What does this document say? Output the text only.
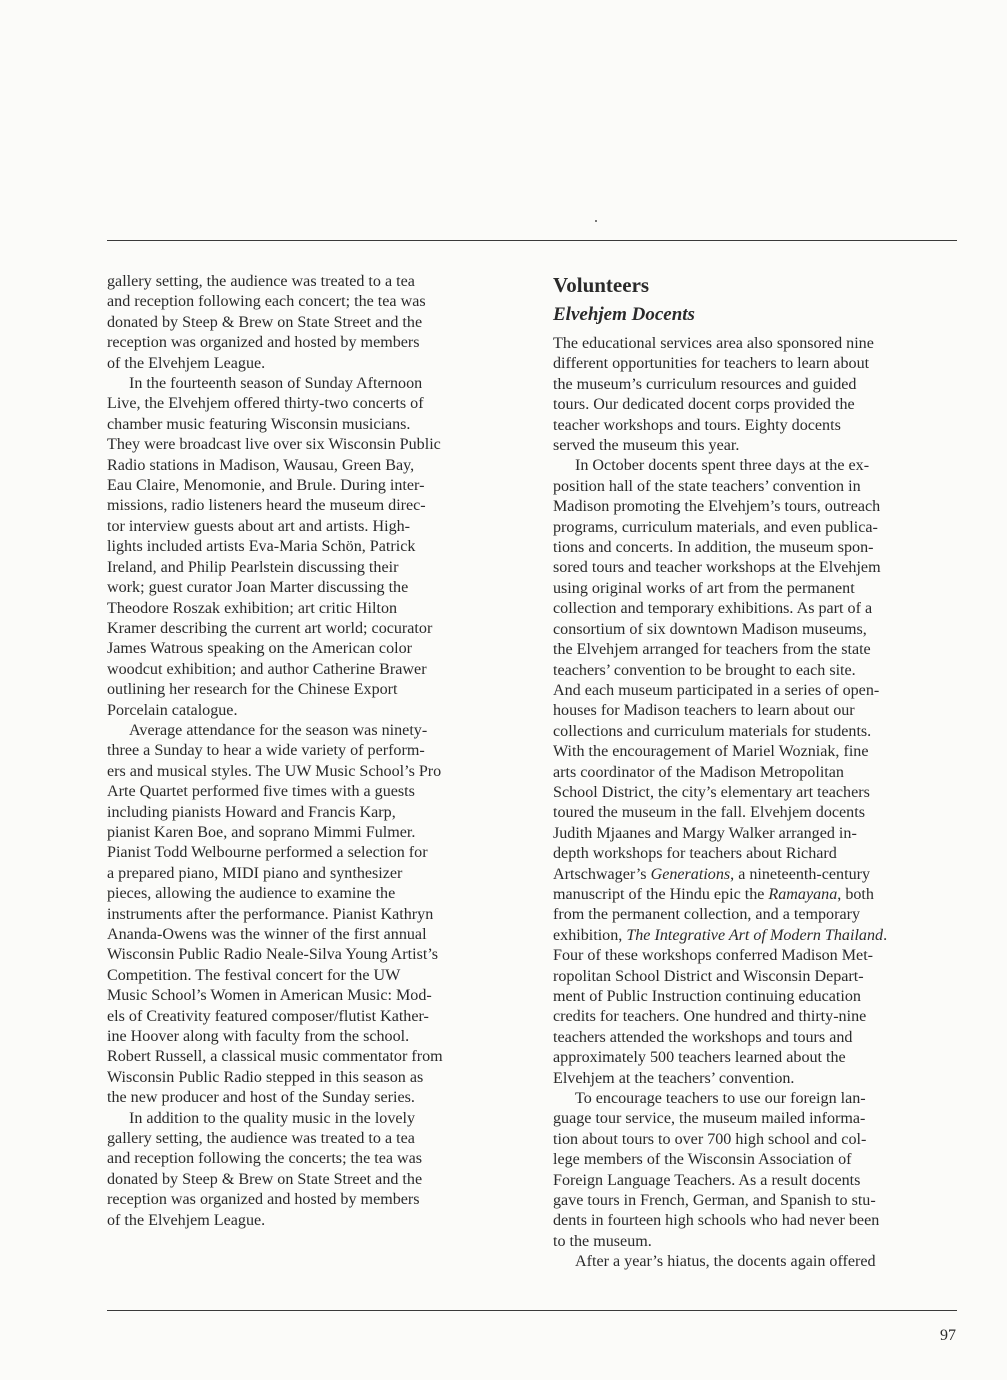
gallery setting, the audience was treated to a tea
and reception following each concert; the tea was
donated by Steep & Brew on State Street and the
reception was organized and hosted by members
of the Elvehjem League.

In the fourteenth season of Sunday Afternoon
Live, the Elvehjem offered thirty-two concerts of
chamber music featuring Wisconsin musicians.
They were broadcast live over six Wisconsin Public
Radio stations in Madison, Wausau, Green Bay,
Eau Claire, Menomonie, and Brule. During inter-
missions, radio listeners heard the museum direc-
tor interview guests about art and artists. High-
lights included artists Eva-Maria Schön, Patrick
Ireland, and Philip Pearlstein discussing their
work; guest curator Joan Marter discussing the
Theodore Roszak exhibition; art critic Hilton
Kramer describing the current art world; cocurator
James Watrous speaking on the American color
woodcut exhibition; and author Catherine Brawer
outlining her research for the Chinese Export
Porcelain catalogue.

Average attendance for the season was ninety-
three a Sunday to hear a wide variety of perform-
ers and musical styles. The UW Music School’s Pro
Arte Quartet performed five times with a guests
including pianists Howard and Francis Karp,
pianist Karen Boe, and soprano Mimmi Fulmer.
Pianist Todd Welbourne performed a selection for
a prepared piano, MIDI piano and synthesizer
pieces, allowing the audience to examine the
instruments after the performance. Pianist Kathryn
Ananda-Owens was the winner of the first annual
Wisconsin Public Radio Neale-Silva Young Artist’s
Competition. The festival concert for the UW
Music School’s Women in American Music: Mod-
els of Creativity featured composer/flutist Kather-
ine Hoover along with faculty from the school.
Robert Russell, a classical music commentator from
Wisconsin Public Radio stepped in this season as
the new producer and host of the Sunday series.

In addition to the quality music in the lovely
gallery setting, the audience was treated to a tea
and reception following the concerts; the tea was
donated by Steep & Brew on State Street and the
reception was organized and hosted by members
of the Elvehjem League.

Volunteers
Elvehjem Docents

The educational services area also sponsored nine
different opportunities for teachers to learn about
the museum’s curriculum resources and guided
tours. Our dedicated docent corps provided the
teacher workshops and tours. Eighty docents
served the museum this year.

In October docents spent three days at the ex-
position hall of the state teachers’ convention in
Madison promoting the Elvehjem’s tours, outreach
programs, curriculum materials, and even publica-
tions and concerts. In addition, the museum spon-
sored tours and teacher workshops at the Elvehjem
using original works of art from the permanent
collection and temporary exhibitions. As part of a
consortium of six downtown Madison museums,
the Elvehjem arranged for teachers from the state
teachers’ convention to be brought to each site.
And each museum participated in a series of open-
houses for Madison teachers to learn about our
collections and curriculum materials for students.
With the encouragement of Mariel Wozniak, fine
arts coordinator of the Madison Metropolitan
School District, the city’s elementary art teachers
toured the museum in the fall. Elvehjem docents
Judith Mjaanes and Margy Walker arranged in-
depth workshops for teachers about Richard
Artschwager’s Generations, a nineteenth-century
manuscript of the Hindu epic the Ramayana, both
from the permanent collection, and a temporary
exhibition, The Integrative Art of Modern Thailand.
Four of these workshops conferred Madison Met-
ropolitan School District and Wisconsin Depart-
ment of Public Instruction continuing education
credits for teachers. One hundred and thirty-nine
teachers attended the workshops and tours and
approximately 500 teachers learned about the
Elvehjem at the teachers’ convention.

To encourage teachers to use our foreign lan-
guage tour service, the museum mailed informa-
tion about tours to over 700 high school and col-
lege members of the Wisconsin Association of
Foreign Language Teachers. As a result docents
gave tours in French, German, and Spanish to stu-
dents in fourteen high schools who had never been
to the museum.

After a year’s hiatus, the docents again offered

97
